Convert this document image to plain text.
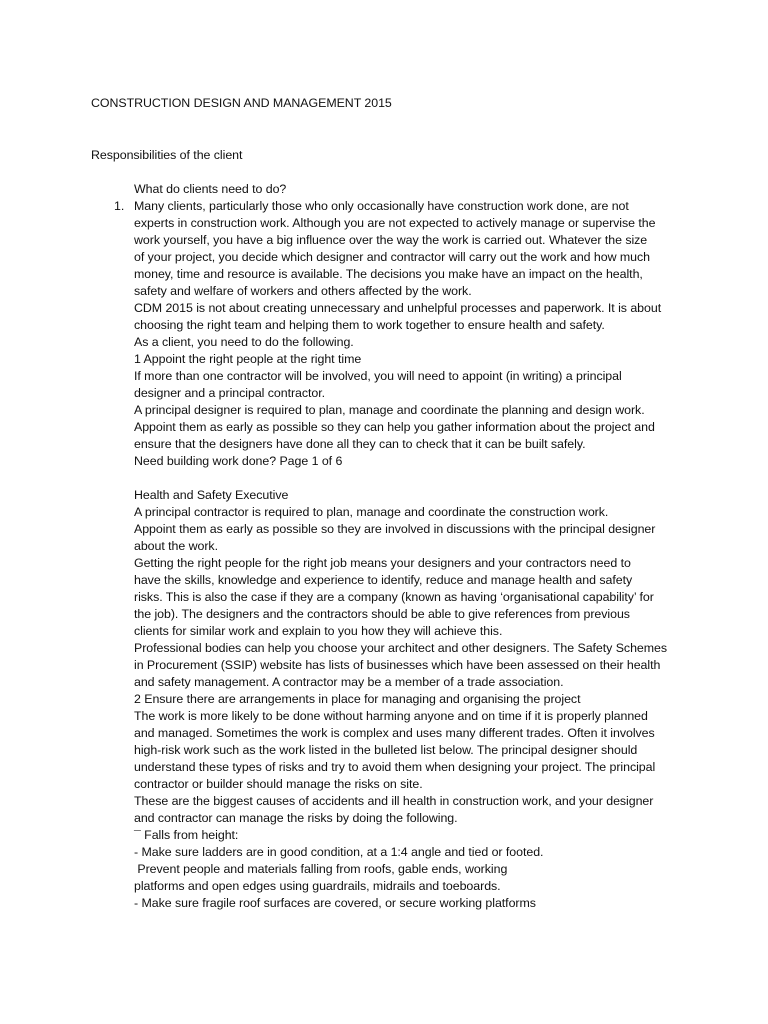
CONSTRUCTION DESIGN AND MANAGEMENT 2015
Responsibilities of the client
What do clients need to do?
1. Many clients, particularly those who only occasionally have construction work done, are not
experts in construction work. Although you are not expected to actively manage or supervise the
work yourself, you have a big influence over the way the work is carried out. Whatever the size
of your project, you decide which designer and contractor will carry out the work and how much
money, time and resource is available. The decisions you make have an impact on the health,
safety and welfare of workers and others affected by the work.
CDM 2015 is not about creating unnecessary and unhelpful processes and paperwork. It is about
choosing the right team and helping them to work together to ensure health and safety.
As a client, you need to do the following.
1 Appoint the right people at the right time
If more than one contractor will be involved, you will need to appoint (in writing) a principal
designer and a principal contractor.
A principal designer is required to plan, manage and coordinate the planning and design work.
Appoint them as early as possible so they can help you gather information about the project and
ensure that the designers have done all they can to check that it can be built safely.
Need building work done? Page 1 of 6
Health and Safety Executive
A principal contractor is required to plan, manage and coordinate the construction work.
Appoint them as early as possible so they are involved in discussions with the principal designer
about the work.
Getting the right people for the right job means your designers and your contractors need to
have the skills, knowledge and experience to identify, reduce and manage health and safety
risks. This is also the case if they are a company (known as having ‘organisational capability’ for
the job). The designers and the contractors should be able to give references from previous
clients for similar work and explain to you how they will achieve this.
Professional bodies can help you choose your architect and other designers. The Safety Schemes
in Procurement (SSIP) website has lists of businesses which have been assessed on their health
and safety management. A contractor may be a member of a trade association.
2 Ensure there are arrangements in place for managing and organising the project
The work is more likely to be done without harming anyone and on time if it is properly planned
and managed. Sometimes the work is complex and uses many different trades. Often it involves
high-risk work such as the work listed in the bulleted list below. The principal designer should
understand these types of risks and try to avoid them when designing your project. The principal
contractor or builder should manage the risks on site.
These are the biggest causes of accidents and ill health in construction work, and your designer
and contractor can manage the risks by doing the following.
¯ Falls from height:
- Make sure ladders are in good condition, at a 1:4 angle and tied or footed.
Prevent people and materials falling from roofs, gable ends, working
platforms and open edges using guardrails, midrails and toeboards.
- Make sure fragile roof surfaces are covered, or secure working platforms
